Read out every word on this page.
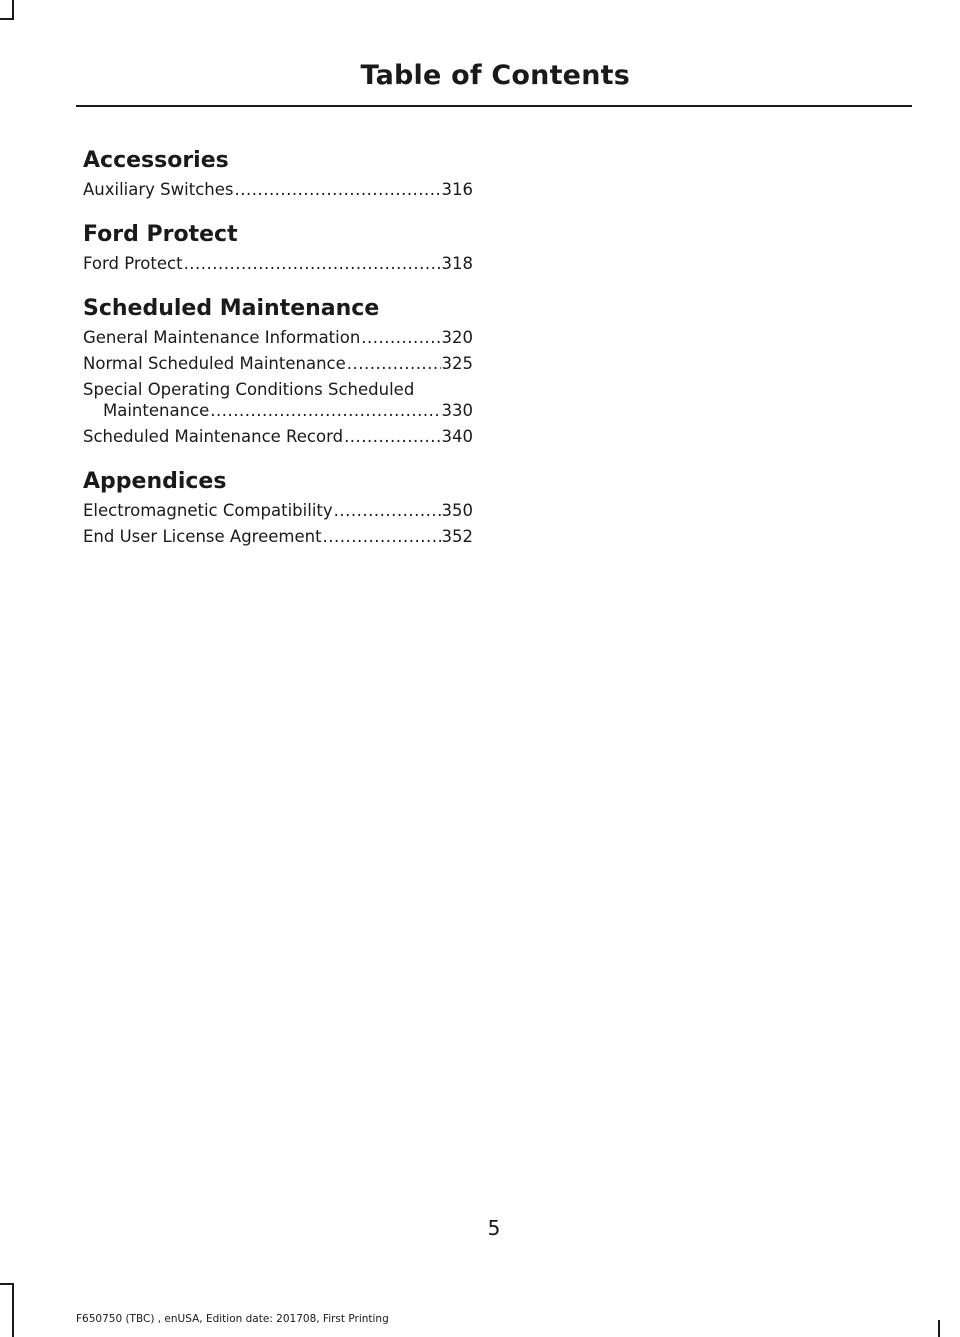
Table of Contents
Accessories
Auxiliary Switches .....	316
Ford Protect
Ford Protect .....	318
Scheduled Maintenance
General Maintenance Information .....	320
Normal Scheduled Maintenance .....	325
Special Operating Conditions Scheduled
Maintenance .....	330
Scheduled Maintenance Record .....	340
Appendices
Electromagnetic Compatibility .....	350
End User License Agreement .....	352
5
F650750 (TBC) , enUSA, Edition date: 201708, First Printing
